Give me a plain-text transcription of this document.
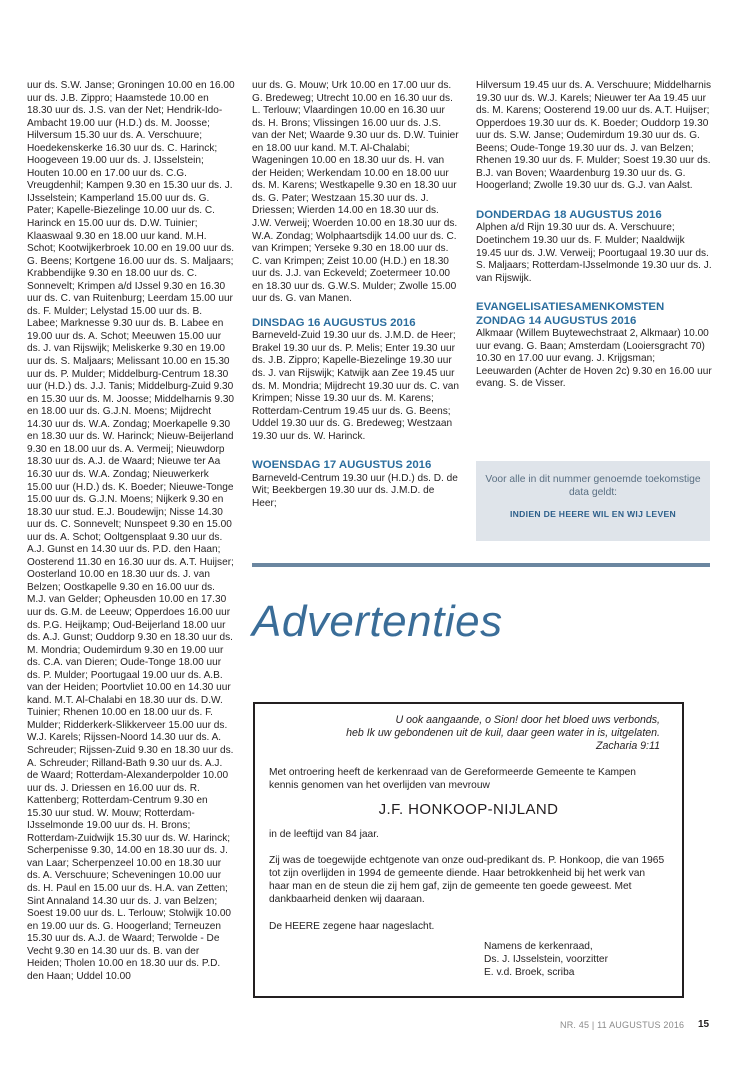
uur ds. S.W. Janse; Groningen 10.00 en 16.00 uur ds. J.B. Zippro; Haamstede 10.00 en 18.30 uur ds. J.S. van der Net; Hendrik-Ido-Ambacht 19.00 uur (H.D.) ds. M. Joosse; Hilversum 15.30 uur ds. A. Verschuure; Hoedekenskerke 16.30 uur ds. C. Harinck; Hoogeveen 19.00 uur ds. J. IJsselstein; Houten 10.00 en 17.00 uur ds. C.G. Vreugdenhil; Kampen 9.30 en 15.30 uur ds. J. IJsselstein; Kamperland 15.00 uur ds. G. Pater; Kapelle-Biezelinge 10.00 uur ds. C. Harinck en 15.00 uur ds. D.W. Tuinier; Klaaswaal 9.30 en 18.00 uur kand. M.H. Schot; Kootwijkerbroek 10.00 en 19.00 uur ds. G. Beens; Kortgene 16.00 uur ds. S. Maljaars; Krabbendijke 9.30 en 18.00 uur ds. C. Sonnevelt; Krimpen a/d IJssel 9.30 en 16.30 uur ds. C. van Ruitenburg; Leerdam 15.00 uur ds. F. Mulder; Lelystad 15.00 uur ds. B. Labee; Marknesse 9.30 uur ds. B. Labee en 19.00 uur ds. A. Schot; Meeuwen 15.00 uur ds. J. van Rijswijk; Meliskerke 9.30 en 19.00 uur ds. S. Maljaars; Melissant 10.00 en 15.30 uur ds. P. Mulder; Middelburg-Centrum 18.30 uur (H.D.) ds. J.J. Tanis; Middelburg-Zuid 9.30 en 15.30 uur ds. M. Joosse; Middelharnis 9.30 en 18.00 uur ds. G.J.N. Moens; Mijdrecht 14.30 uur ds. W.A. Zondag; Moerkapelle 9.30 en 18.30 uur ds. W. Harinck; Nieuw-Beijerland 9.30 en 18.00 uur ds. A. Vermeij; Nieuwdorp 18.30 uur ds. A.J. de Waard; Nieuwe ter Aa 16.30 uur ds. W.A. Zondag; Nieuwerkerk 15.00 uur (H.D.) ds. K. Boeder; Nieuwe-Tonge 15.00 uur ds. G.J.N. Moens; Nijkerk 9.30 en 18.30 uur stud. E.J. Boudewijn; Nisse 14.30 uur ds. C. Sonnevelt; Nunspeet 9.30 en 15.00 uur ds. A. Schot; Ooltgensplaat 9.30 uur ds. A.J. Gunst en 14.30 uur ds. P.D. den Haan; Oosterend 11.30 en 16.30 uur ds. A.T. Huijser; Oosterland 10.00 en 18.30 uur ds. J. van Belzen; Oostkapelle 9.30 en 16.00 uur ds. M.J. van Gelder; Opheusden 10.00 en 17.30 uur ds. G.M. de Leeuw; Opperdoes 16.00 uur ds. P.G. Heijkamp; Oud-Beijerland 18.00 uur ds. A.J. Gunst; Ouddorp 9.30 en 18.30 uur ds. M. Mondria; Oudemirdum 9.30 en 19.00 uur ds. C.A. van Dieren; Oude-Tonge 18.00 uur ds. P. Mulder; Poortugaal 19.00 uur ds. A.B. van der Heiden; Poortvliet 10.00 en 14.30 uur kand. M.T. Al-Chalabi en 18.30 uur ds. D.W. Tuinier; Rhenen 10.00 en 18.00 uur ds. F. Mulder; Ridderkerk-Slikkerveer 15.00 uur ds. W.J. Karels; Rijssen-Noord 14.30 uur ds. A. Schreuder; Rijssen-Zuid 9.30 en 18.30 uur ds. A. Schreuder; Rilland-Bath 9.30 uur ds. A.J. de Waard; Rotterdam-Alexanderpolder 10.00 uur ds. J. Driessen en 16.00 uur ds. R. Kattenberg; Rotterdam-Centrum 9.30 en 15.30 uur stud. W. Mouw; Rotterdam-IJsselmonde 19.00 uur ds. H. Brons; Rotterdam-Zuidwijk 15.30 uur ds. W. Harinck; Scherpenisse 9.30, 14.00 en 18.30 uur ds. J. van Laar; Scherpenzeel 10.00 en 18.30 uur ds. A. Verschuure; Scheveningen 10.00 uur ds. H. Paul en 15.00 uur ds. H.A. van Zetten; Sint Annaland 14.30 uur ds. J. van Belzen; Soest 19.00 uur ds. L. Terlouw; Stolwijk 10.00 en 19.00 uur ds. G. Hoogerland; Terneuzen 15.30 uur ds. A.J. de Waard; Terwolde - De Vecht 9.30 en 14.30 uur ds. B. van der Heiden; Tholen 10.00 en 18.30 uur ds. P.D. den Haan; Uddel 10.00

uur ds. G. Mouw; Urk 10.00 en 17.00 uur ds. G. Bredeweg; Utrecht 10.00 en 16.30 uur ds. L. Terlouw; Vlaardingen 10.00 en 16.30 uur ds. H. Brons; Vlissingen 16.00 uur ds. J.S. van der Net; Waarde 9.30 uur ds. D.W. Tuinier en 18.00 uur kand. M.T. Al-Chalabi; Wageningen 10.00 en 18.30 uur ds. H. van der Heiden; Werkendam 10.00 en 18.00 uur ds. M. Karens; Westkapelle 9.30 en 18.30 uur ds. G. Pater; Westzaan 15.30 uur ds. J. Driessen; Wierden 14.00 en 18.30 uur ds. J.W. Verweij; Woerden 10.00 en 18.30 uur ds. W.A. Zondag; Wolphaartsdijk 14.00 uur ds. C. van Krimpen; Yerseke 9.30 en 18.00 uur ds. C. van Krimpen; Zeist 10.00 (H.D.) en 18.30 uur ds. J.J. van Eckeveld; Zoetermeer 10.00 en 18.30 uur ds. G.W.S. Mulder; Zwolle 15.00 uur ds. G. van Manen.

DINSDAG 16 AUGUSTUS 2016

Barneveld-Zuid 19.30 uur ds. J.M.D. de Heer; Brakel 19.30 uur ds. P. Melis; Enter 19.30 uur ds. J.B. Zippro; Kapelle-Biezelinge 19.30 uur ds. J. van Rijswijk; Katwijk aan Zee 19.45 uur ds. M. Mondria; Mijdrecht 19.30 uur ds. C. van Krimpen; Nisse 19.30 uur ds. M. Karens; Rotterdam-Centrum 19.45 uur ds. G. Beens; Uddel 19.30 uur ds. G. Bredeweg; Westzaan 19.30 uur ds. W. Harinck.

WOENSDAG 17 AUGUSTUS 2016

Barneveld-Centrum 19.30 uur (H.D.) ds. D. de Wit; Beekbergen 19.30 uur ds. J.M.D. de Heer;

Hilversum 19.45 uur ds. A. Verschuure; Middelharnis 19.30 uur ds. W.J. Karels; Nieuwer ter Aa 19.45 uur ds. M. Karens; Oosterend 19.00 uur ds. A.T. Huijser; Opperdoes 19.30 uur ds. K. Boeder; Ouddorp 19.30 uur ds. S.W. Janse; Oudemirdum 19.30 uur ds. G. Beens; Oude-Tonge 19.30 uur ds. J. van Belzen; Rhenen 19.30 uur ds. F. Mulder; Soest 19.30 uur ds. B.J. van Boven; Waardenburg 19.30 uur ds. G. Hoogerland; Zwolle 19.30 uur ds. G.J. van Aalst.

DONDERDAG 18 AUGUSTUS 2016

Alphen a/d Rijn 19.30 uur ds. A. Verschuure; Doetinchem 19.30 uur ds. F. Mulder; Naaldwijk 19.45 uur ds. J.W. Verweij; Poortugaal 19.30 uur ds. S. Maljaars; Rotterdam-IJsselmonde 19.30 uur ds. J. van Rijswijk.

EVANGELISATIESAMENKOMSTEN
ZONDAG 14 AUGUSTUS 2016

Alkmaar (Willem Buytewechstraat 2, Alkmaar) 10.00 uur evang. G. Baan; Amsterdam (Looiersgracht 70) 10.30 en 17.00 uur evang. J. Krijgsman; Leeuwarden (Achter de Hoven 2c) 9.30 en 16.00 uur evang. S. de Visser.

Voor alle in dit nummer genoemde toekomstige data geldt:
INDIEN DE HEERE WIL EN WIJ LEVEN
Advertenties
U ook aangaande, o Sion! door het bloed uws verbonds,
heb Ik uw gebondenen uit de kuil, daar geen water in is, uitgelaten.
Zacharia 9:11
Met ontroering heeft de kerkenraad van de Gereformeerde Gemeente te Kampen kennis genomen van het overlijden van mevrouw
J.F. HONKOOP-NIJLAND
in de leeftijd van 84 jaar.
Zij was de toegewijde echtgenote van onze oud-predikant ds. P. Honkoop, die van 1965 tot zijn overlijden in 1994 de gemeente diende. Haar betrokkenheid bij het werk van haar man en de steun die zij hem gaf, zijn de gemeente ten goede geweest. Met dankbaarheid denken wij daaraan.
De HEERE zegene haar nageslacht.
Namens de kerkenraad,
Ds. J. IJsselstein, voorzitter
E. v.d. Broek, scriba
NR. 45 | 11 AUGUSTUS 2016 15
